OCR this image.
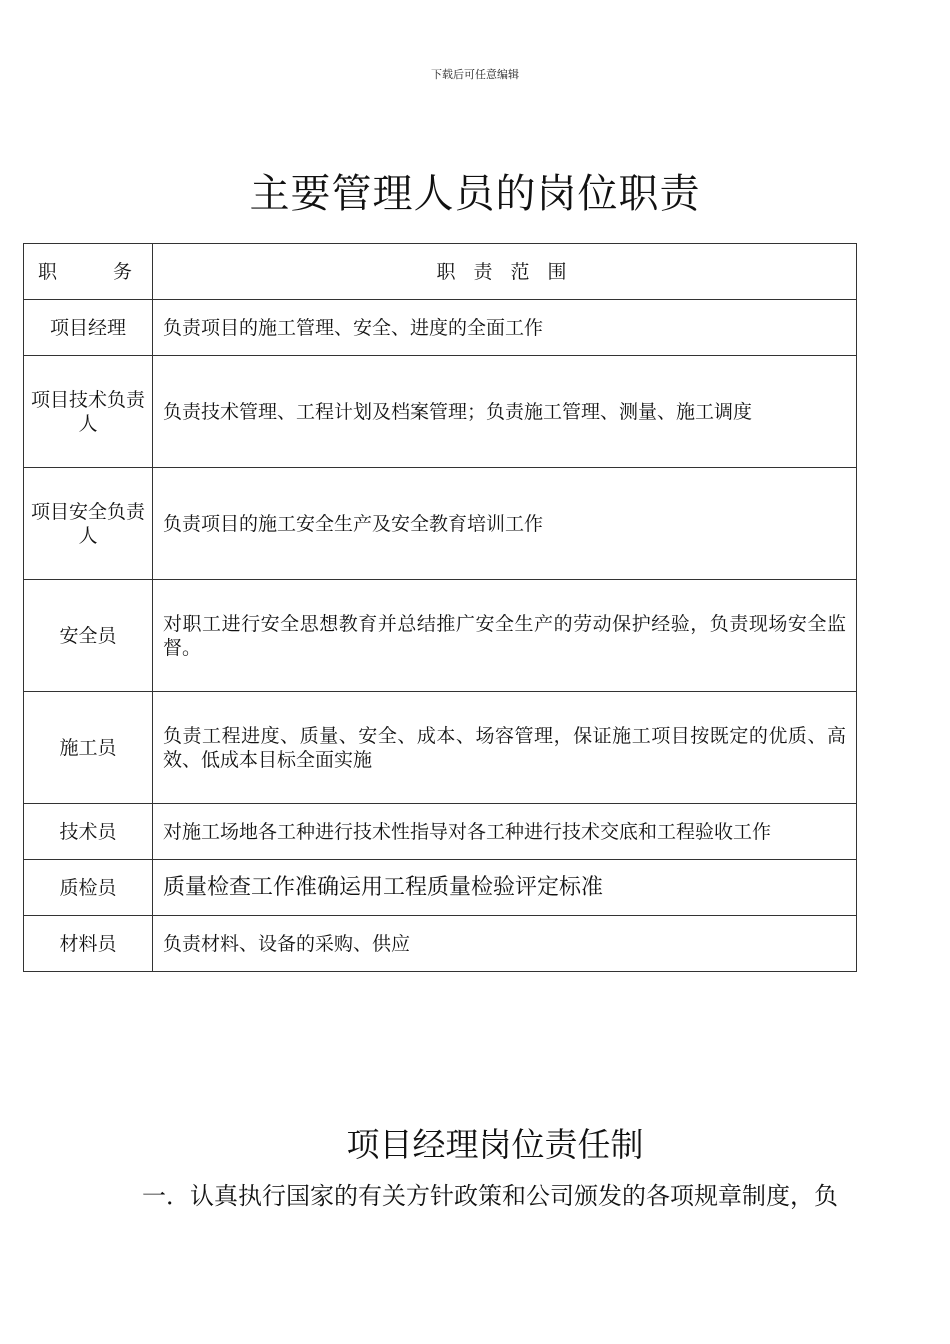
下载后可任意编辑
主要管理人员的岗位职责
职　　务	职 责 范 围
项目经理	负责项目的施工管理、安全、进度的全面工作
项目技术负责人	负责技术管理、工程计划及档案管理；负责施工管理、测量、施工调度
项目安全负责人	负责项目的施工安全生产及安全教育培训工作
安全员	对职工进行安全思想教育并总结推广安全生产的劳动保护经验，负责现场安全监督。
施工员	负责工程进度、质量、安全、成本、场容管理，保证施工项目按既定的优质、高效、低成本目标全面实施
技术员	对施工场地各工种进行技术性指导对各工种进行技术交底和工程验收工作
质检员	质量检查工作准确运用工程质量检验评定标准
材料员	负责材料、设备的采购、供应
项目经理岗位责任制
一．认真执行国家的有关方针政策和公司颁发的各项规章制度，负
